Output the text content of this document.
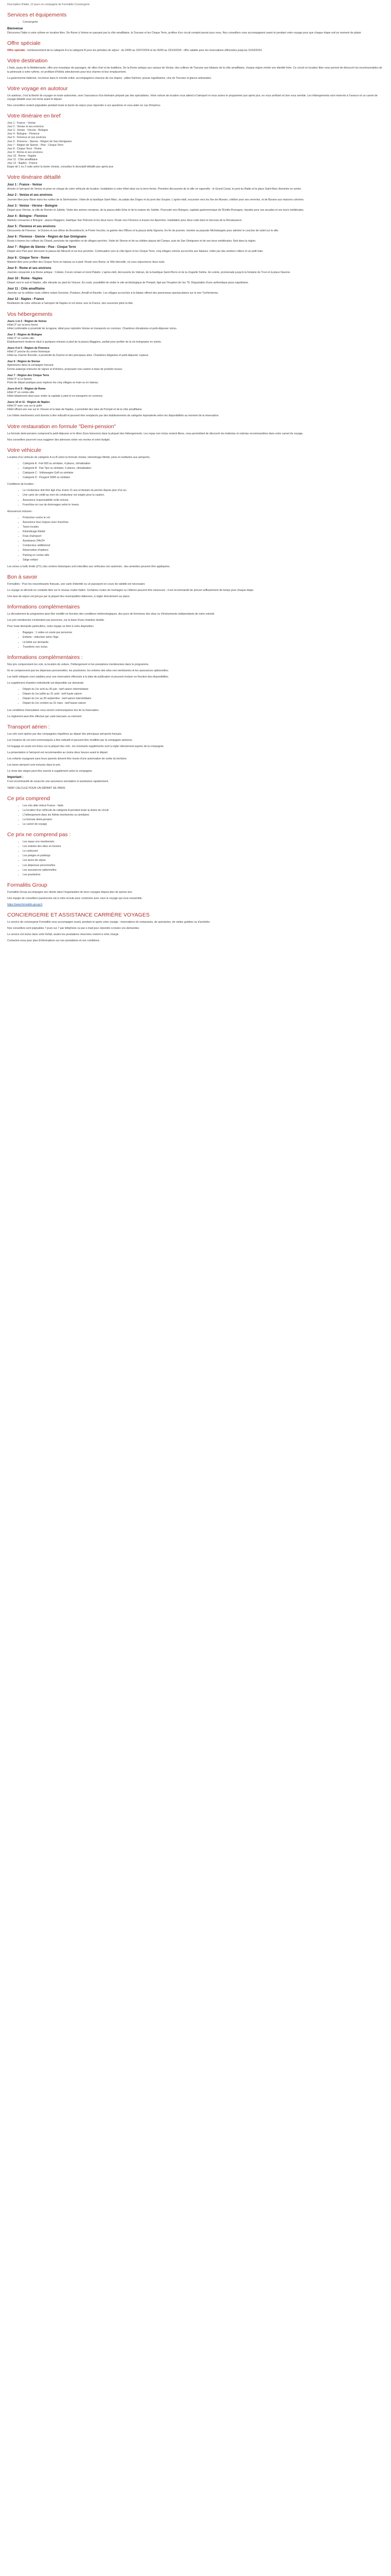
Description d'Italie, 12 jours en compagnie de Formalitis Conciergerie
Services et équipements
• Conciergerie
Bienvenue

Découvrez l'Italie à votre rythme en location libre. De Rome à Venise en passant par la côte amalfitaine, la Toscane et les Cinque Terre, profitez d'un circuit complet pensé pour vous. Nos conseillers vous accompagnent avant et pendant votre voyage pour que chaque étape soit un moment de plaisir.

Offre spéciale

Offre spéciale : remboursement de la catégorie A à la catégorie B pour les périodes de séjour : du 24/05 au 22/07/2024 et du 26/09 au 23/10/2024 : offre valable pour les réservations effectuées jusqu'au 31/03/2024.

Votre destination

L'Italie, joyau de la Méditerranée, offre une mosaïque de paysages, de villes d'art et de traditions. De la Rome antique aux canaux de Venise, des collines de Toscane aux falaises de la côte amalfitaine, chaque région révèle une identité forte. Ce circuit en location libre vous permet de découvrir les incontournables de la péninsule à votre rythme, en profitant d'hôtels sélectionnés pour leur charme et leur emplacement.

La gastronomie italienne, reconnue dans le monde entier, accompagnera chacune de vos étapes : pâtes fraîches, pizzas napolitaines, vins de Toscane et glaces artisanales.

Votre voyage en autotour

Un autotour, c'est la liberté de voyager en toute autonomie, avec l'assurance d'un itinéraire préparé par des spécialistes. Votre voiture de location vous attend à l'aéroport et vous suivez le programme jour après jour, en vous arrêtant où bon vous semble. Les hébergements sont réservés à l'avance et un carnet de voyage détaillé vous est remis avant le départ.

Nos conseillers restent joignables pendant toute la durée du séjour pour répondre à vos questions et vous aider en cas d'imprévu.

Votre itinéraire en bref
Jour 1 : France - Venise
Jour 2 : Venise et ses environs
Jour 3 : Venise - Vérone - Bologne
Jour 4 : Bologne - Florence
Jour 5 : Florence et ses environs
Jour 6 : Florence - Sienne - Région de San Gimignano
Jour 7 : Région de Sienne - Pise - Cinque Terre
Jour 8 : Cinque Terre - Rome
Jour 9 : Rome et ses environs
Jour 10 : Rome - Naples
Jour 11 : Côte amalfitaine
Jour 12 : Naples - France

Etape de 1 ou 2 nuits selon la durée choisie, consultez le descriptif détaillé jour après jour.

Votre itinéraire détaillé
Jour 1 : France - Venise

Arrivée à l'aéroport de Venise et prise en charge de votre véhicule de location. Installation à votre hôtel situé sur la terre ferme. Première découverte de la ville en vaporetto : le Grand Canal, le pont du Rialto et la place Saint-Marc illuminée en soirée.

Jour 2 : Venise et ses environs

Journée libre pour flâner dans les ruelles de la Sérénissime. Visite de la basilique Saint-Marc, du palais des Doges et du pont des Soupirs. L'après-midi, excursion vers les îles de Murano, célèbre pour ses verreries, et de Burano aux maisons colorées.

Jour 3 : Venise - Vérone - Bologne

Départ pour Vérone, la ville de Roméo et Juliette. Visite des arènes romaines, de la piazza delle Erbe et de la maison de Juliette. Poursuite vers Bologne, capitale gastronomique de l'Émilie-Romagne, réputée pour ses arcades et ses tours médiévales.

Jour 4 : Bologne - Florence

Matinée consacrée à Bologne : piazza Maggiore, basilique San Petronio et les deux tours. Route vers Florence à travers les Apennins. Installation pour deux nuits dans le berceau de la Renaissance.

Jour 5 : Florence et ses environs

Découverte de Florence : le Duomo et son dôme de Brunelleschi, le Ponte Vecchio, la galerie des Offices et la piazza della Signoria. En fin de journée, montée au piazzale Michelangelo pour admirer le coucher de soleil sur la ville.

Jour 6 : Florence - Sienne - Région de San Gimignano

Route à travers les collines du Chianti, ponctuée de vignobles et de villages perchés. Visite de Sienne et de sa célèbre piazza del Campo, puis de San Gimignano et de ses tours médiévales. Nuit dans la région.

Jour 7 : Région de Sienne - Pise - Cinque Terre

Départ vers Pise pour découvrir la piazza dei Miracoli et sa tour penchée. Continuation vers la côte ligure et les Cinque Terre, cinq villages colorés accrochés aux falaises, reliés par des sentiers côtiers et un petit train.

Jour 8 : Cinque Terre - Rome

Matinée libre pour profiter des Cinque Terre en bateau ou à pied. Route vers Rome, la Ville éternelle, où vous séjournerez deux nuits.

Jour 9 : Rome et ses environs

Journée consacrée à la Rome antique : Colisée, Forum romain et mont Palatin. L'après-midi, découverte du Vatican, de la basilique Saint-Pierre et de la chapelle Sixtine. En soirée, promenade jusqu'à la fontaine de Trevi et la place Navone.

Jour 10 : Rome - Naples

Départ vers le sud et Naples, ville vibrante au pied du Vésuve. En route, possibilité de visiter le site archéologique de Pompéi, figé par l'éruption de l'an 79. Dégustation d'une authentique pizza napolitaine.

Jour 11 : Côte amalfitaine

Journée sur la célèbre route côtière reliant Sorrente, Positano, Amalfi et Ravello. Les villages accrochés à la falaise offrent des panoramas spectaculaires sur la mer Tyrrhénienne.

Jour 12 : Naples - France

Restitution de votre véhicule à l'aéroport de Naples et vol retour vers la France, des souvenirs plein la tête.

Vos hébergements
Jours 1 et 2 : Région de Venise
Hôtel 3* sur la terre ferme

Hôtel confortable à proximité de la lagune, idéal pour rejoindre Venise en transports en commun. Chambres climatisées et petit-déjeuner inclus.

Jour 3 : Région de Bologne
Hôtel 3* en centre-ville

Établissement moderne situé à quelques minutes à pied de la piazza Maggiore, parfait pour profiter de la vie bolognaise en soirée.

Jours 4 et 5 : Région de Florence
Hôtel 3* proche du centre historique

Hôtel au charme florentin, à proximité du Duomo et des principaux sites. Chambres élégantes et petit-déjeuner copieux.

Jour 6 : Région de Sienne
Agriturismo dans la campagne toscane

Ferme-auberge entourée de vignes et d'oliviers, proposant une cuisine à base de produits locaux.

Jour 7 : Région des Cinque Terre
Hôtel 3* à La Spezia

Point de départ pratique pour explorer les cinq villages en train ou en bateau.

Jours 8 et 9 : Région de Rome
Hôtel 3* en centre-ville

Hôtel idéalement situé pour visiter la capitale à pied et en transports en commun.

Jours 10 et 11 : Région de Naples
Hôtel 3* avec vue sur le golfe

Hôtel offrant une vue sur le Vésuve et la baie de Naples, à proximité des sites de Pompéi et de la côte amalfitaine.

Les hôtels mentionnés sont donnés à titre indicatif et peuvent être remplacés par des établissements de catégorie équivalente selon les disponibilités au moment de la réservation.

Votre restauration en formule "Demi-pension"

La formule demi-pension comprend le petit-déjeuner et le dîner (hors boissons) dans la plupart des hébergements. Les repas non inclus restent libres, vous permettant de découvrir les trattorias et osterias recommandées dans votre carnet de voyage.

Nos conseillers pourront vous suggérer des adresses selon vos envies et votre budget.

Votre véhicule

Location d'un véhicule de catégorie A ou B selon la formule choisie, kilométrage illimité, prise et restitution aux aéroports.

• Catégorie A : Fiat 500 ou similaire, 4 places, climatisation
• Catégorie B : Fiat Tipo ou similaire, 5 places, climatisation
• Catégorie C : Volkswagen Golf ou similaire
• Catégorie D : Peugeot 3008 ou similaire

Conditions de location :

• Le conducteur doit être âgé d'au moins 21 ans et titulaire du permis depuis plus d'un an.
• Une carte de crédit au nom du conducteur est exigée pour la caution.
• Assurance responsabilité civile incluse.
• Franchise en cas de dommages selon le loueur.

Assurances incluses :

• Protection contre le vol
• Assurance tous risques avec franchise
• Taxes locales
• Kilométrage illimité
• Frais d'aéroport
• Assistance 24h/24
• Conducteur additionnel
• Réservation d'options
• Parking en centre-ville
• Siège enfant

Les zones à trafic limité (ZTL) des centres historiques sont interdites aux véhicules non autorisés ; des amendes peuvent être appliquées.

Bon à savoir

Formalités : Pour les ressortissants français, une carte d'identité ou un passeport en cours de validité est nécessaire.

Le voyage se déroule en conduite libre sur le réseau routier italien. Certaines routes de montagne ou côtières peuvent être sinueuses ; il est recommandé de prévoir suffisamment de temps pour chaque étape.

Une taxe de séjour est perçue par la plupart des municipalités italiennes, à régler directement sur place.

Informations complémentaires

Le déroulement du programme peut être modifié en fonction des conditions météorologiques, des jours de fermeture des sites ou d'événements indépendants de notre volonté.

Les prix mentionnés s'entendent par personne, sur la base d'une chambre double.

Pour toute demande particulière, notre équipe se tient à votre disposition.

• Bagages : 1 valise en soute par personne
• Enfants : réduction selon l'âge
• Lit bébé sur demande
• Transferts non inclus
Informations complémentaires :

Nos prix comprennent les vols, la location de voiture, l'hébergement et les prestations mentionnées dans le programme.

Ils ne comprennent pas les dépenses personnelles, les pourboires, les entrées des sites non mentionnés et les assurances optionnelles.

Les tarifs indiqués sont valables pour une réservation effectuée à la date de publication et peuvent évoluer en fonction des disponibilités.

Le supplément chambre individuelle est disponible sur demande.

• Départ du 1er avril au 30 juin : tarif saison intermédiaire
• Départ du 1er juillet au 31 août : tarif haute saison
• Départ du 1er au 30 septembre : tarif saison intermédiaire
• Départ du 1er octobre au 31 mars : tarif basse saison

Les conditions d'annulation vous seront communiquées lors de la réservation.

Le règlement peut être effectué par carte bancaire ou virement.

Transport aérien :

Les vols sont opérés par des compagnies régulières au départ des principaux aéroports français.

Les horaires de vol sont communiqués à titre indicatif et peuvent être modifiés par la compagnie aérienne.

Un bagage en soute est inclus sur la plupart des vols ; les éventuels suppléments sont à régler directement auprès de la compagnie.

La présentation à l'aéroport est recommandée au moins deux heures avant le départ.

Les enfants voyageant sans leurs parents doivent être munis d'une autorisation de sortie du territoire.

Les taxes aéroport sont incluses dans le prix.

Le choix des sièges peut être soumis à supplément selon la compagnie.

Important :

Il est recommandé de souscrire une assurance annulation et assistance rapatriement.

TARIF CALCULÉ POUR UN DÉPART DE PARIS

Ce prix comprend
• Les vols aller-retour France - Italie
• La location d'un véhicule de catégorie A pendant toute la durée du circuit
• L'hébergement dans les hôtels mentionnés ou similaires
• La formule demi-pension
• Le carnet de voyage
Ce prix ne comprend pas :
• Les repas non mentionnés
• Les entrées des sites et musées
• Le carburant
• Les péages et parkings
• Les taxes de séjour
• Les dépenses personnelles
• Les assurances optionnelles
• Les pourboires
Formalitis Group

Formalitis Group accompagne ses clients dans l'organisation de leurs voyages depuis plus de quinze ans.

Une équipe de conseillers passionnés est à votre écoute pour construire avec vous le voyage qui vous ressemble.

https://www.formalitis-group.fr

CONCIERGERIE ET ASSISTANCE CARRIÈRE VOYAGES

Le service de conciergerie Formalitis vous accompagne avant, pendant et après votre voyage : réservations de restaurants, de spectacles, de visites guidées ou d'activités.

Nos conseillers sont joignables 7 jours sur 7 par téléphone ou par e-mail pour répondre à toutes vos demandes.

Le service est inclus dans votre forfait, seules les prestations réservées restent à votre charge.

Contactez-nous pour plus d'informations sur nos prestations et nos conditions.
